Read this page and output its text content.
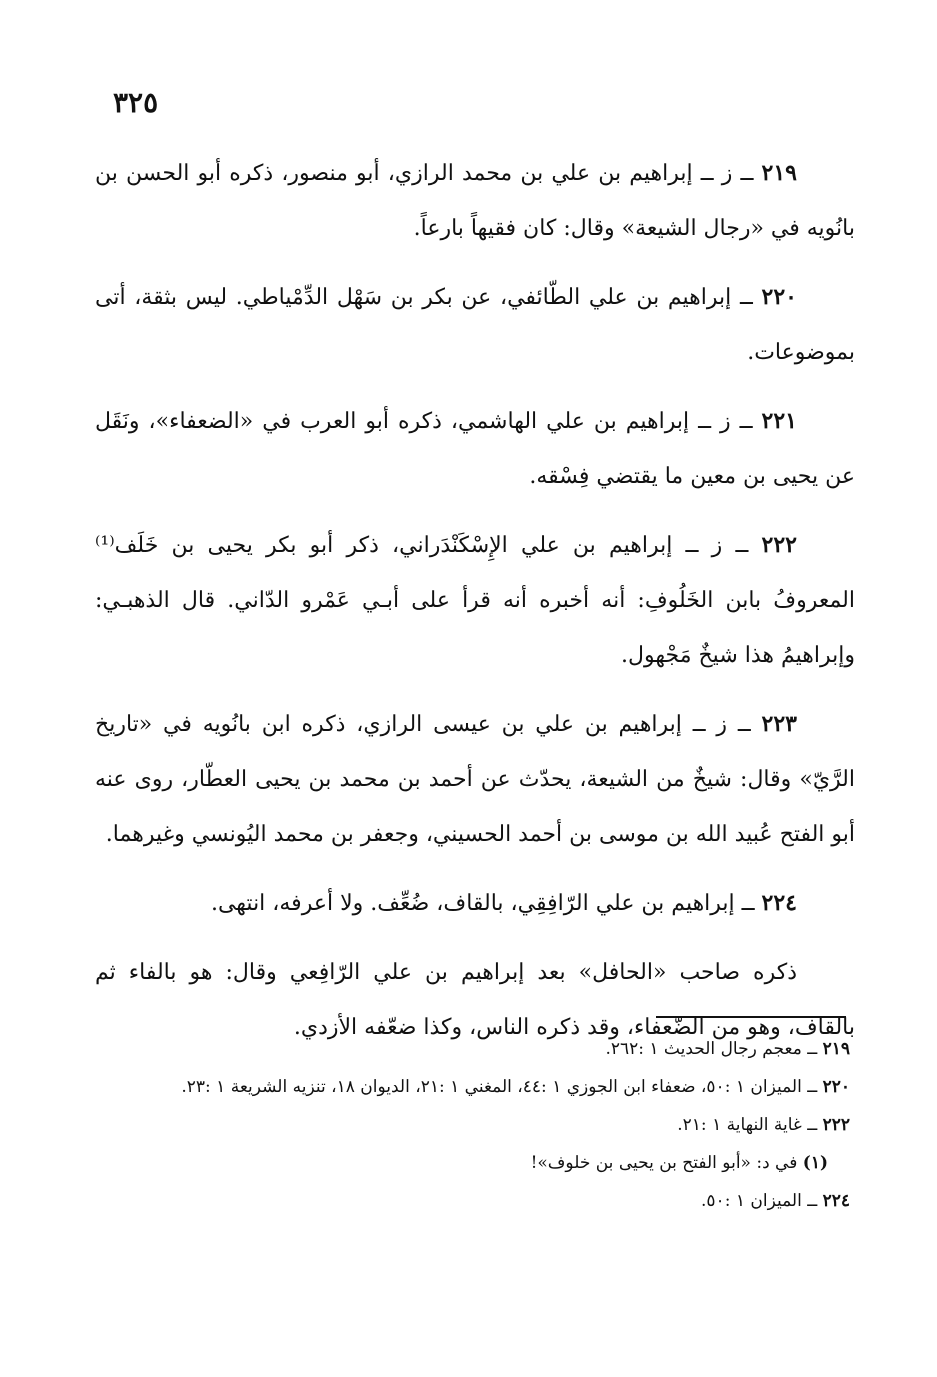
٣٢٥

٢١٩ ــ ز ــ إبراهيم بن علي بن محمد الرازي، أبو منصور، ذكره أبو الحسن بن بانُويه في «رجال الشيعة» وقال: كان فقيهاً بارعاً.

٢٢٠ ــ إبراهيم بن علي الطّائفي، عن بكر بن سَهْل الدِّمْياطي. ليس بثقة، أتى بموضوعات.

٢٢١ ــ ز ــ إبراهيم بن علي الهاشمي، ذكره أبو العرب في «الضعفاء»، ونَقَل عن يحيى بن معين ما يقتضي فِسْقه.

٢٢٢ ــ ز ــ إبراهيم بن علي الإِسْكَنْدَراني، ذكر أبو بكر يحيى بن خَلَف⁽¹⁾ المعروفُ بابن الخَلُوفِ: أنه أخبره أنه قرأ على أبـي عَمْرو الدّاني. قال الذهبـي: وإبراهيمُ هذا شيخٌ مَجْهول.

٢٢٣ ــ ز ــ إبراهيم بن علي بن عيسى الرازي، ذكره ابن بانُويه في «تاريخ الرَّيّ» وقال: شيخٌ من الشيعة، يحدّث عن أحمد بن محمد بن يحيى العطّار، روى عنه أبو الفتح عُبيد الله بن موسى بن أحمد الحسيني، وجعفر بن محمد اليُونسي وغيرهما.

٢٢٤ ــ إبراهيم بن علي الرّافِقِي، بالقاف، ضُعِّف. ولا أعرفه، انتهى.

ذكره صاحب «الحافل» بعد إبراهيم بن علي الرّافِعي وقال: هو بالفاء ثم بالقاف، وهو من الضّعفاء، وقد ذكره الناس، وكذا ضعّفه الأزدي.

٢١٩ ــ معجم رجال الحديث ١ :٢٦٢.

٢٢٠ ــ الميزان ١ :٥٠، ضعفاء ابن الجوزي ١ :٤٤، المغني ١ :٢١، الديوان ١٨، تنزيه الشريعة ١ :٢٣.

٢٢٢ ــ غاية النهاية ١ :٢١.

(١) في د: «أبو الفتح بن يحيى بن خلوف»!

٢٢٤ ــ الميزان ١ :٥٠.
